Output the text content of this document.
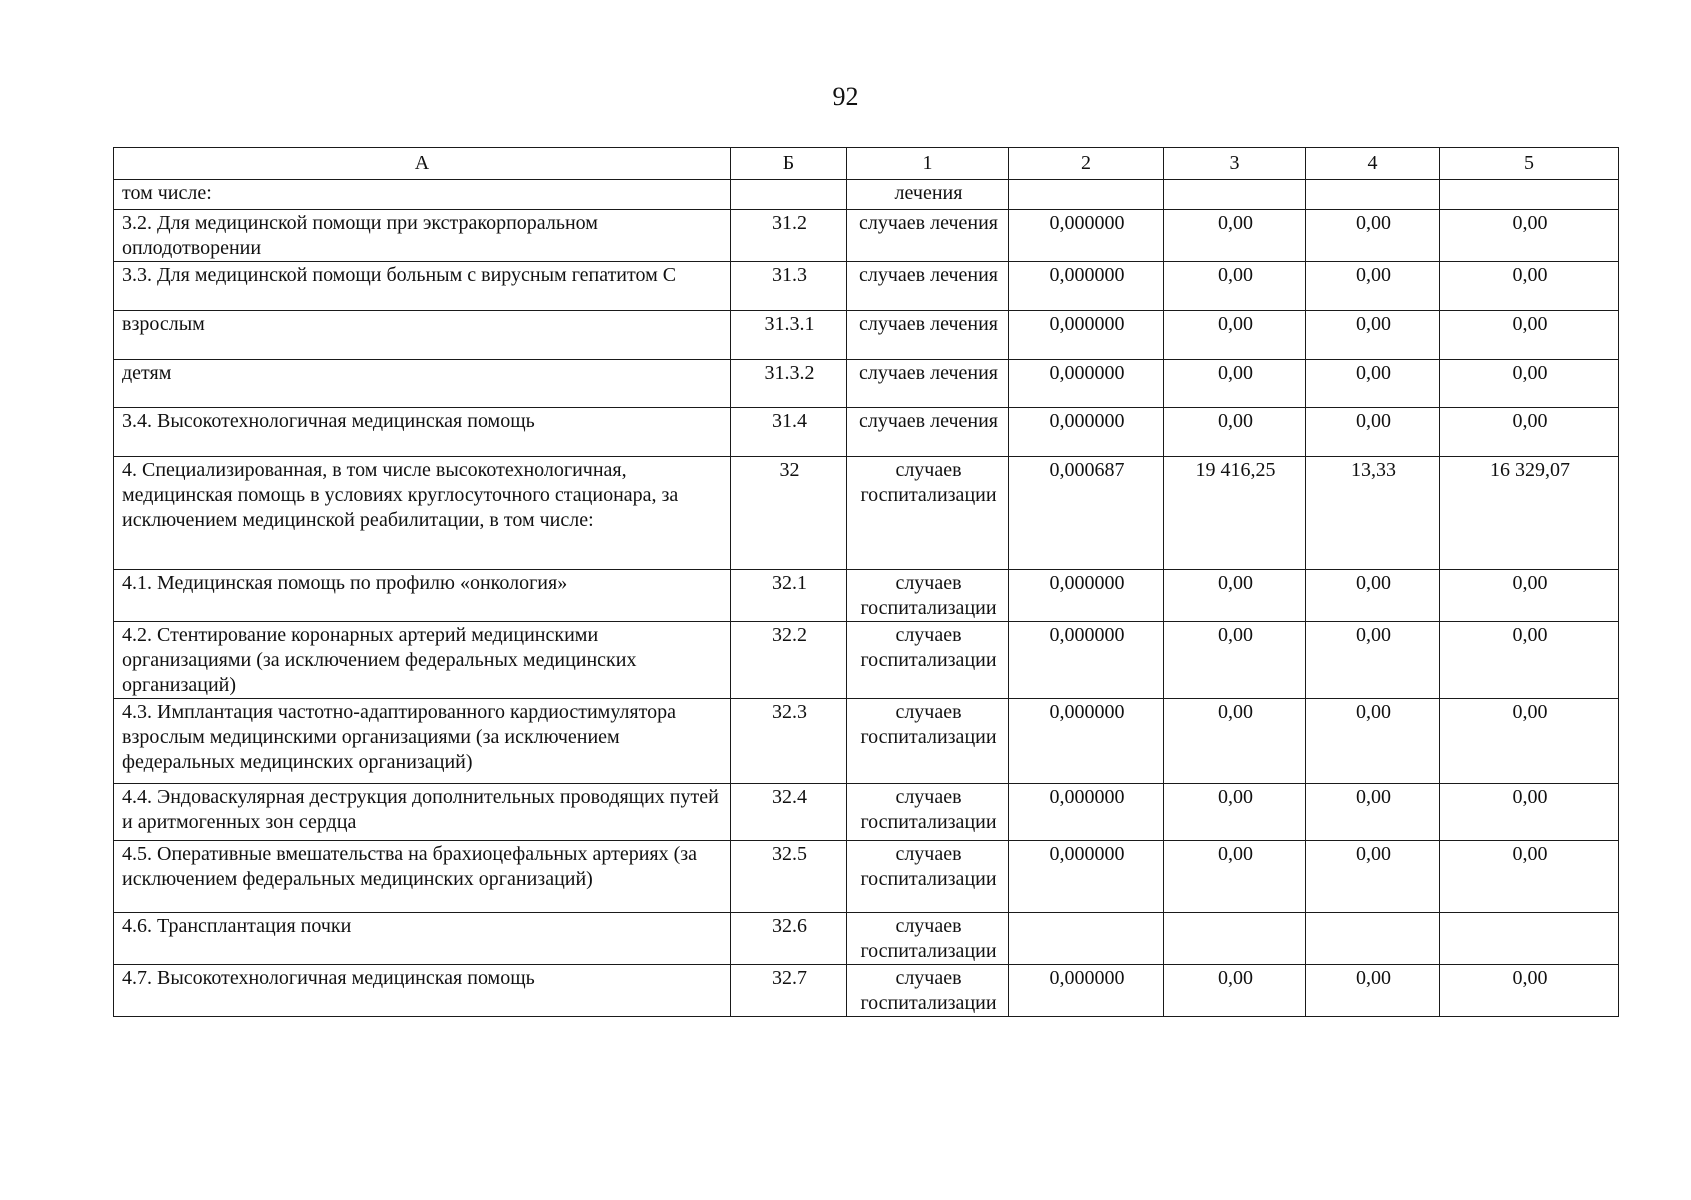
92
А	Б	1	2	3	4	5
том числе:		лечения				
3.2. Для медицинской помощи при экстракорпоральном оплодотворении	31.2	случаев лечения	0,000000	0,00	0,00	0,00
3.3. Для медицинской помощи больным с вирусным гепатитом С	31.3	случаев лечения	0,000000	0,00	0,00	0,00
взрослым	31.3.1	случаев лечения	0,000000	0,00	0,00	0,00
детям	31.3.2	случаев лечения	0,000000	0,00	0,00	0,00
3.4. Высокотехнологичная медицинская помощь	31.4	случаев лечения	0,000000	0,00	0,00	0,00
4. Специализированная, в том числе высокотехнологичная, медицинская помощь в условиях круглосуточного стационара, за исключением медицинской реабилитации, в том числе:	32	случаев госпитализации	0,000687	19 416,25	13,33	16 329,07
4.1. Медицинская помощь по профилю «онкология»	32.1	случаев госпитализации	0,000000	0,00	0,00	0,00
4.2. Стентирование коронарных артерий медицинскими организациями (за исключением федеральных медицинских организаций)	32.2	случаев госпитализации	0,000000	0,00	0,00	0,00
4.3. Имплантация частотно-адаптированного кардиостимулятора взрослым медицинскими организациями (за исключением федеральных медицинских организаций)	32.3	случаев госпитализации	0,000000	0,00	0,00	0,00
4.4. Эндоваскулярная деструкция дополнительных проводящих путей и аритмогенных зон сердца	32.4	случаев госпитализации	0,000000	0,00	0,00	0,00
4.5. Оперативные вмешательства на брахиоцефальных артериях (за исключением федеральных медицинских организаций)	32.5	случаев госпитализации	0,000000	0,00	0,00	0,00
4.6. Трансплантация почки	32.6	случаев госпитализации				
4.7. Высокотехнологичная медицинская помощь	32.7	случаев госпитализации	0,000000	0,00	0,00	0,00
